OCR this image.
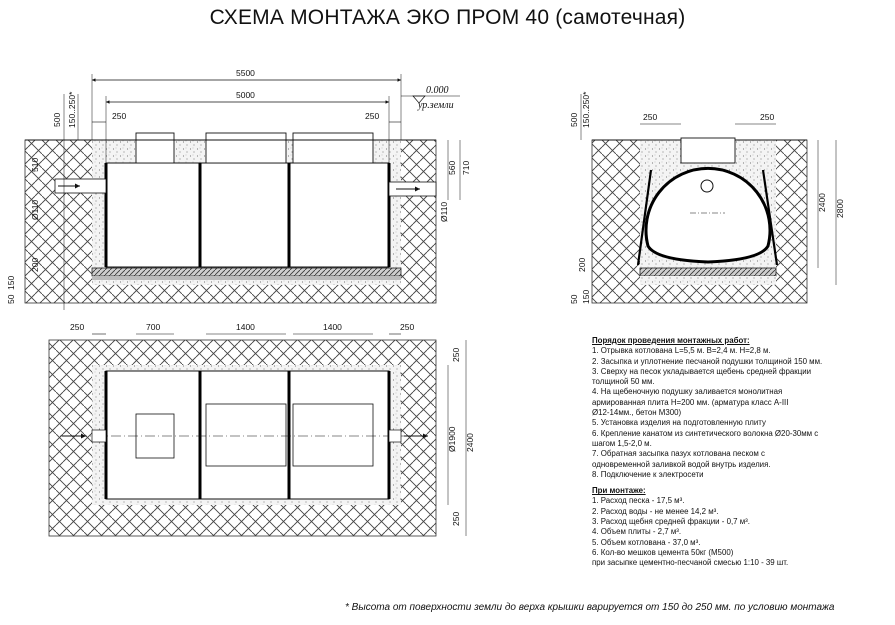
СХЕМА МОНТАЖА ЭКО ПРОМ 40 (самотечная)
5500
5000
250	250
0.000
ур.земли
500 150..250*
510
Ø110
200
50
150
560 710
Ø110
250	250
500 150..250*
200
50 150
2400 2800
250	700	1400	1400	250
250
Ø1900 2400
250
Порядок проведения монтажных работ:
1. Отрывка котлована L=5,5 м. B=2,4 м. H=2,8 м.
2. Засыпка и уплотнение песчаной подушки толщиной 150 мм.
3. Сверху на песок укладывается щебень средней фракции
толщиной 50 мм.
4. На щебеночную подушку заливается монолитная
армированная плита H=200 мм. (арматура класс А-III
Ø12-14мм., бетон М300)
5. Установка изделия на подготовленную плиту
6. Крепление канатом из синтетического волокна Ø20-30мм с
шагом 1,5-2,0 м.
7. Обратная засыпка пазух котлована песком с
одновременной заливкой водой внутрь изделия.
8. Подключение к электросети
При монтаже:
1. Расход песка - 17,5 м³.
2. Расход воды - не менее 14,2 м³.
3. Расход щебня средней фракции - 0,7 м³.
4. Объем плиты - 2,7 м³.
5. Объем котлована - 37,0 м³.
6. Кол-во мешков цемента 50кг (М500)
при засыпке цементно-песчаной смесью 1:10 - 39 шт.
* Высота от поверхности земли до верха крышки варируется от 150 до 250 мм. по условию монтажа
